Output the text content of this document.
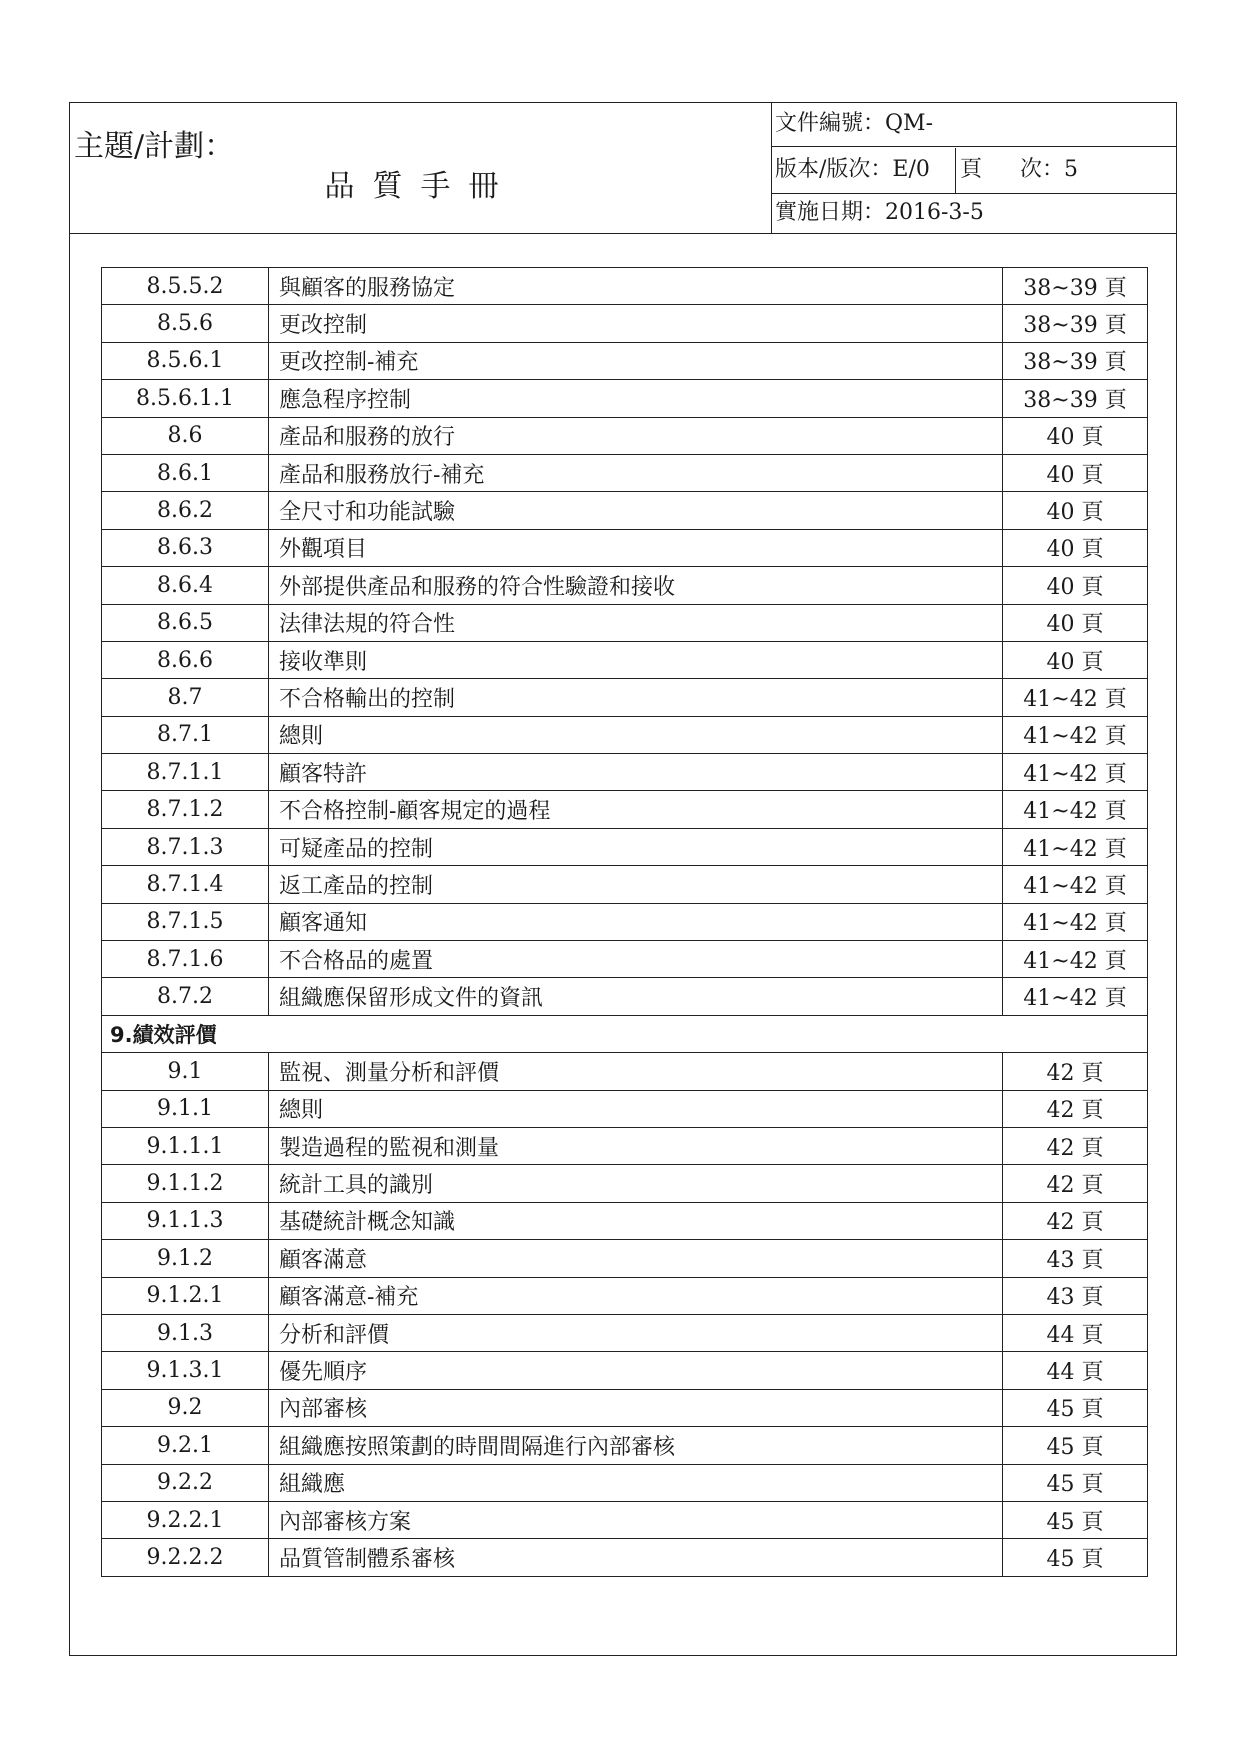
主題/計劃：
品質手冊
文件編號：QM-
版本/版次：E/0	頁 次：5
實施日期：2016-3-5
8.5.5.2	與顧客的服務協定	38~39 頁
8.5.6	更改控制	38~39 頁
8.5.6.1	更改控制-補充	38~39 頁
8.5.6.1.1	應急程序控制	38~39 頁
8.6	產品和服務的放行	40 頁
8.6.1	產品和服務放行-補充	40 頁
8.6.2	全尺寸和功能試驗	40 頁
8.6.3	外觀項目	40 頁
8.6.4	外部提供產品和服務的符合性驗證和接收	40 頁
8.6.5	法律法規的符合性	40 頁
8.6.6	接收準則	40 頁
8.7	不合格輸出的控制	41~42 頁
8.7.1	總則	41~42 頁
8.7.1.1	顧客特許	41~42 頁
8.7.1.2	不合格控制-顧客規定的過程	41~42 頁
8.7.1.3	可疑產品的控制	41~42 頁
8.7.1.4	返工產品的控制	41~42 頁
8.7.1.5	顧客通知	41~42 頁
8.7.1.6	不合格品的處置	41~42 頁
8.7.2	組織應保留形成文件的資訊	41~42 頁
9.績效評價		
9.1	監視、測量分析和評價	42 頁
9.1.1	總則	42 頁
9.1.1.1	製造過程的監視和測量	42 頁
9.1.1.2	統計工具的識別	42 頁
9.1.1.3	基礎統計概念知識	42 頁
9.1.2	顧客滿意	43 頁
9.1.2.1	顧客滿意-補充	43 頁
9.1.3	分析和評價	44 頁
9.1.3.1	優先順序	44 頁
9.2	內部審核	45 頁
9.2.1	組織應按照策劃的時間間隔進行內部審核	45 頁
9.2.2	組織應	45 頁
9.2.2.1	內部審核方案	45 頁
9.2.2.2	品質管制體系審核	45 頁
